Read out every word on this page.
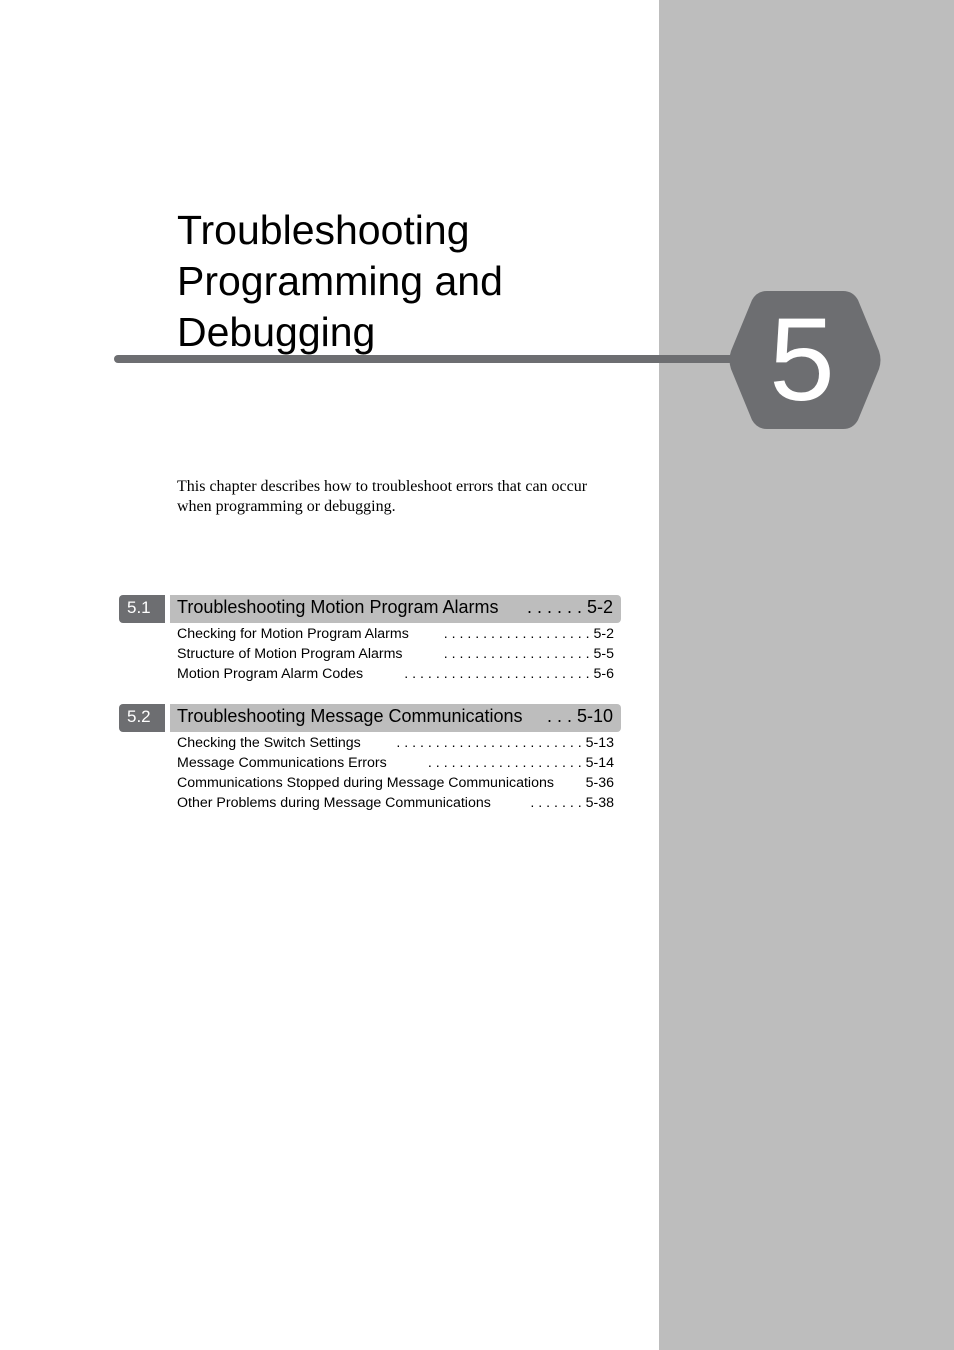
Troubleshooting
Programming and
Debugging	5
This chapter describes how to troubleshoot errors that can occur
when programming or debugging.
5.1	Troubleshooting Motion Program Alarms . . . . . . 5-2
Checking for Motion Program Alarms . . . . . . . . . . . . . . . . . . . 5-2
Structure of Motion Program Alarms	. . . . . . . . . . . . . . . . . . . 5-5
Motion Program Alarm Codes	. . . . . . . . . . . . . . . . . . . . . . . . 5-6
5.2	Troubleshooting Message Communications . . . 5-10
Checking the Switch Settings	. . . . . . . . . . . . . . . . . . . . . . . . 5-13
Message Communications Errors	. . . . . . . . . . . . . . . . . . . . 5-14
Communications Stopped during Message Communications 5-36
Other Problems during Message Communications	. . . . . . . 5-38
